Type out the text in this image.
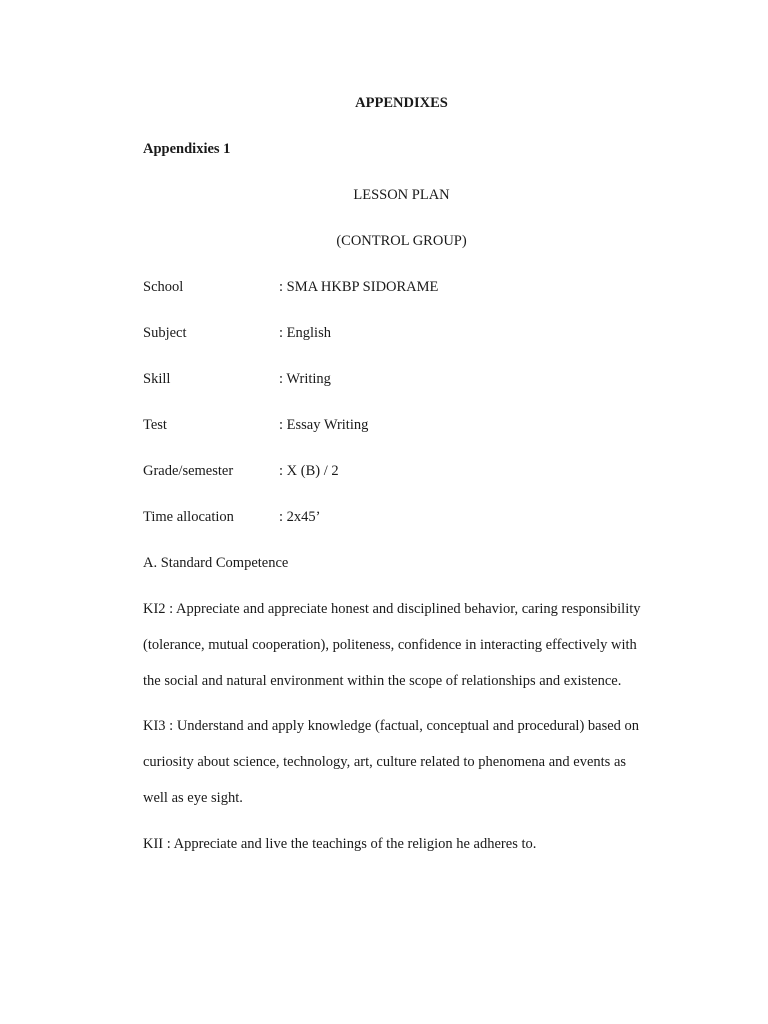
APPENDIXES
Appendixies 1
LESSON PLAN
(CONTROL GROUP)
School	: SMA HKBP SIDORAME
Subject	: English
Skill	: Writing
Test	: Essay Writing
Grade/semester	: X (B) / 2
Time allocation	: 2x45’
A. Standard Competence
KI2 : Appreciate and appreciate honest and disciplined behavior, caring responsibility
(tolerance, mutual cooperation), politeness, confidence in interacting effectively with
the social and natural environment within the scope of relationships and existence.
KI3 : Understand and apply knowledge (factual, conceptual and procedural) based on
curiosity about science, technology, art, culture related to phenomena and events as
well as eye sight.
KII : Appreciate and live the teachings of the religion he adheres to.
